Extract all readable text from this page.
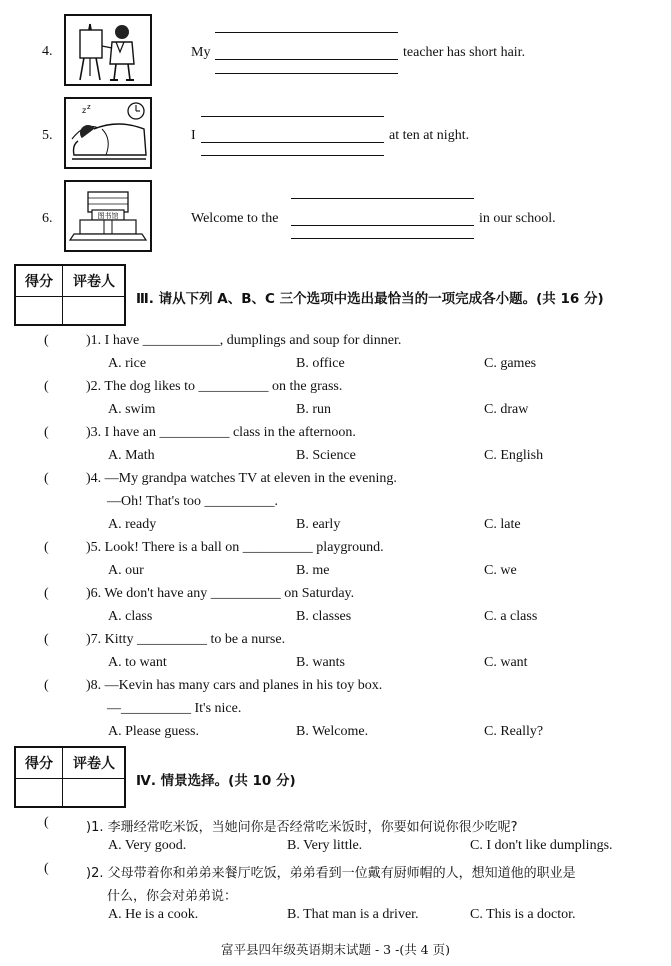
4.	My	teacher has short hair.
5.
z z
I	at ten at night.
6.	图书馆	Welcome to the	in our school.
得分	评卷人
Ⅲ. 请从下列 A、B、C 三个选项中选出最恰当的一项完成各小题。(共 16 分)
(	)1. I have ___________, dumplings and soup for dinner.
A. rice	B. office	C. games
(	)2. The dog likes to __________ on the grass.
A. swim	B. run	C. draw
(	)3. I have an __________ class in the afternoon.
A. Math	B. Science	C. English
(	)4. —My grandpa watches TV at eleven in the evening.
—Oh! That's too __________.
A. ready	B. early	C. late
(	)5. Look! There is a ball on __________ playground.
A. our	B. me	C. we
(	)6. We don't have any __________ on Saturday.
A. class	B. classes	C. a class
(	)7. Kitty __________ to be a nurse.
A. to want	B. wants	C. want
(	)8. —Kevin has many cars and planes in his toy box.
—__________ It's nice.
A. Please guess.	B. Welcome.	C. Really?
得分	评卷人
Ⅳ. 情景选择。(共 10 分)
(	)1. 李珊经常吃米饭，当她问你是否经常吃米饭时，你要如何说你很少吃呢?
A. Very good.	B. Very little.	C. I don't like dumplings.
(	)2. 父母带着你和弟弟来餐厅吃饭，弟弟看到一位戴有厨师帽的人，想知道他的职业是
什么，你会对弟弟说：
A. He is a cook.	B. That man is a driver.	C. This is a doctor.
富平县四年级英语期末试题 - 3 -(共 4 页)
